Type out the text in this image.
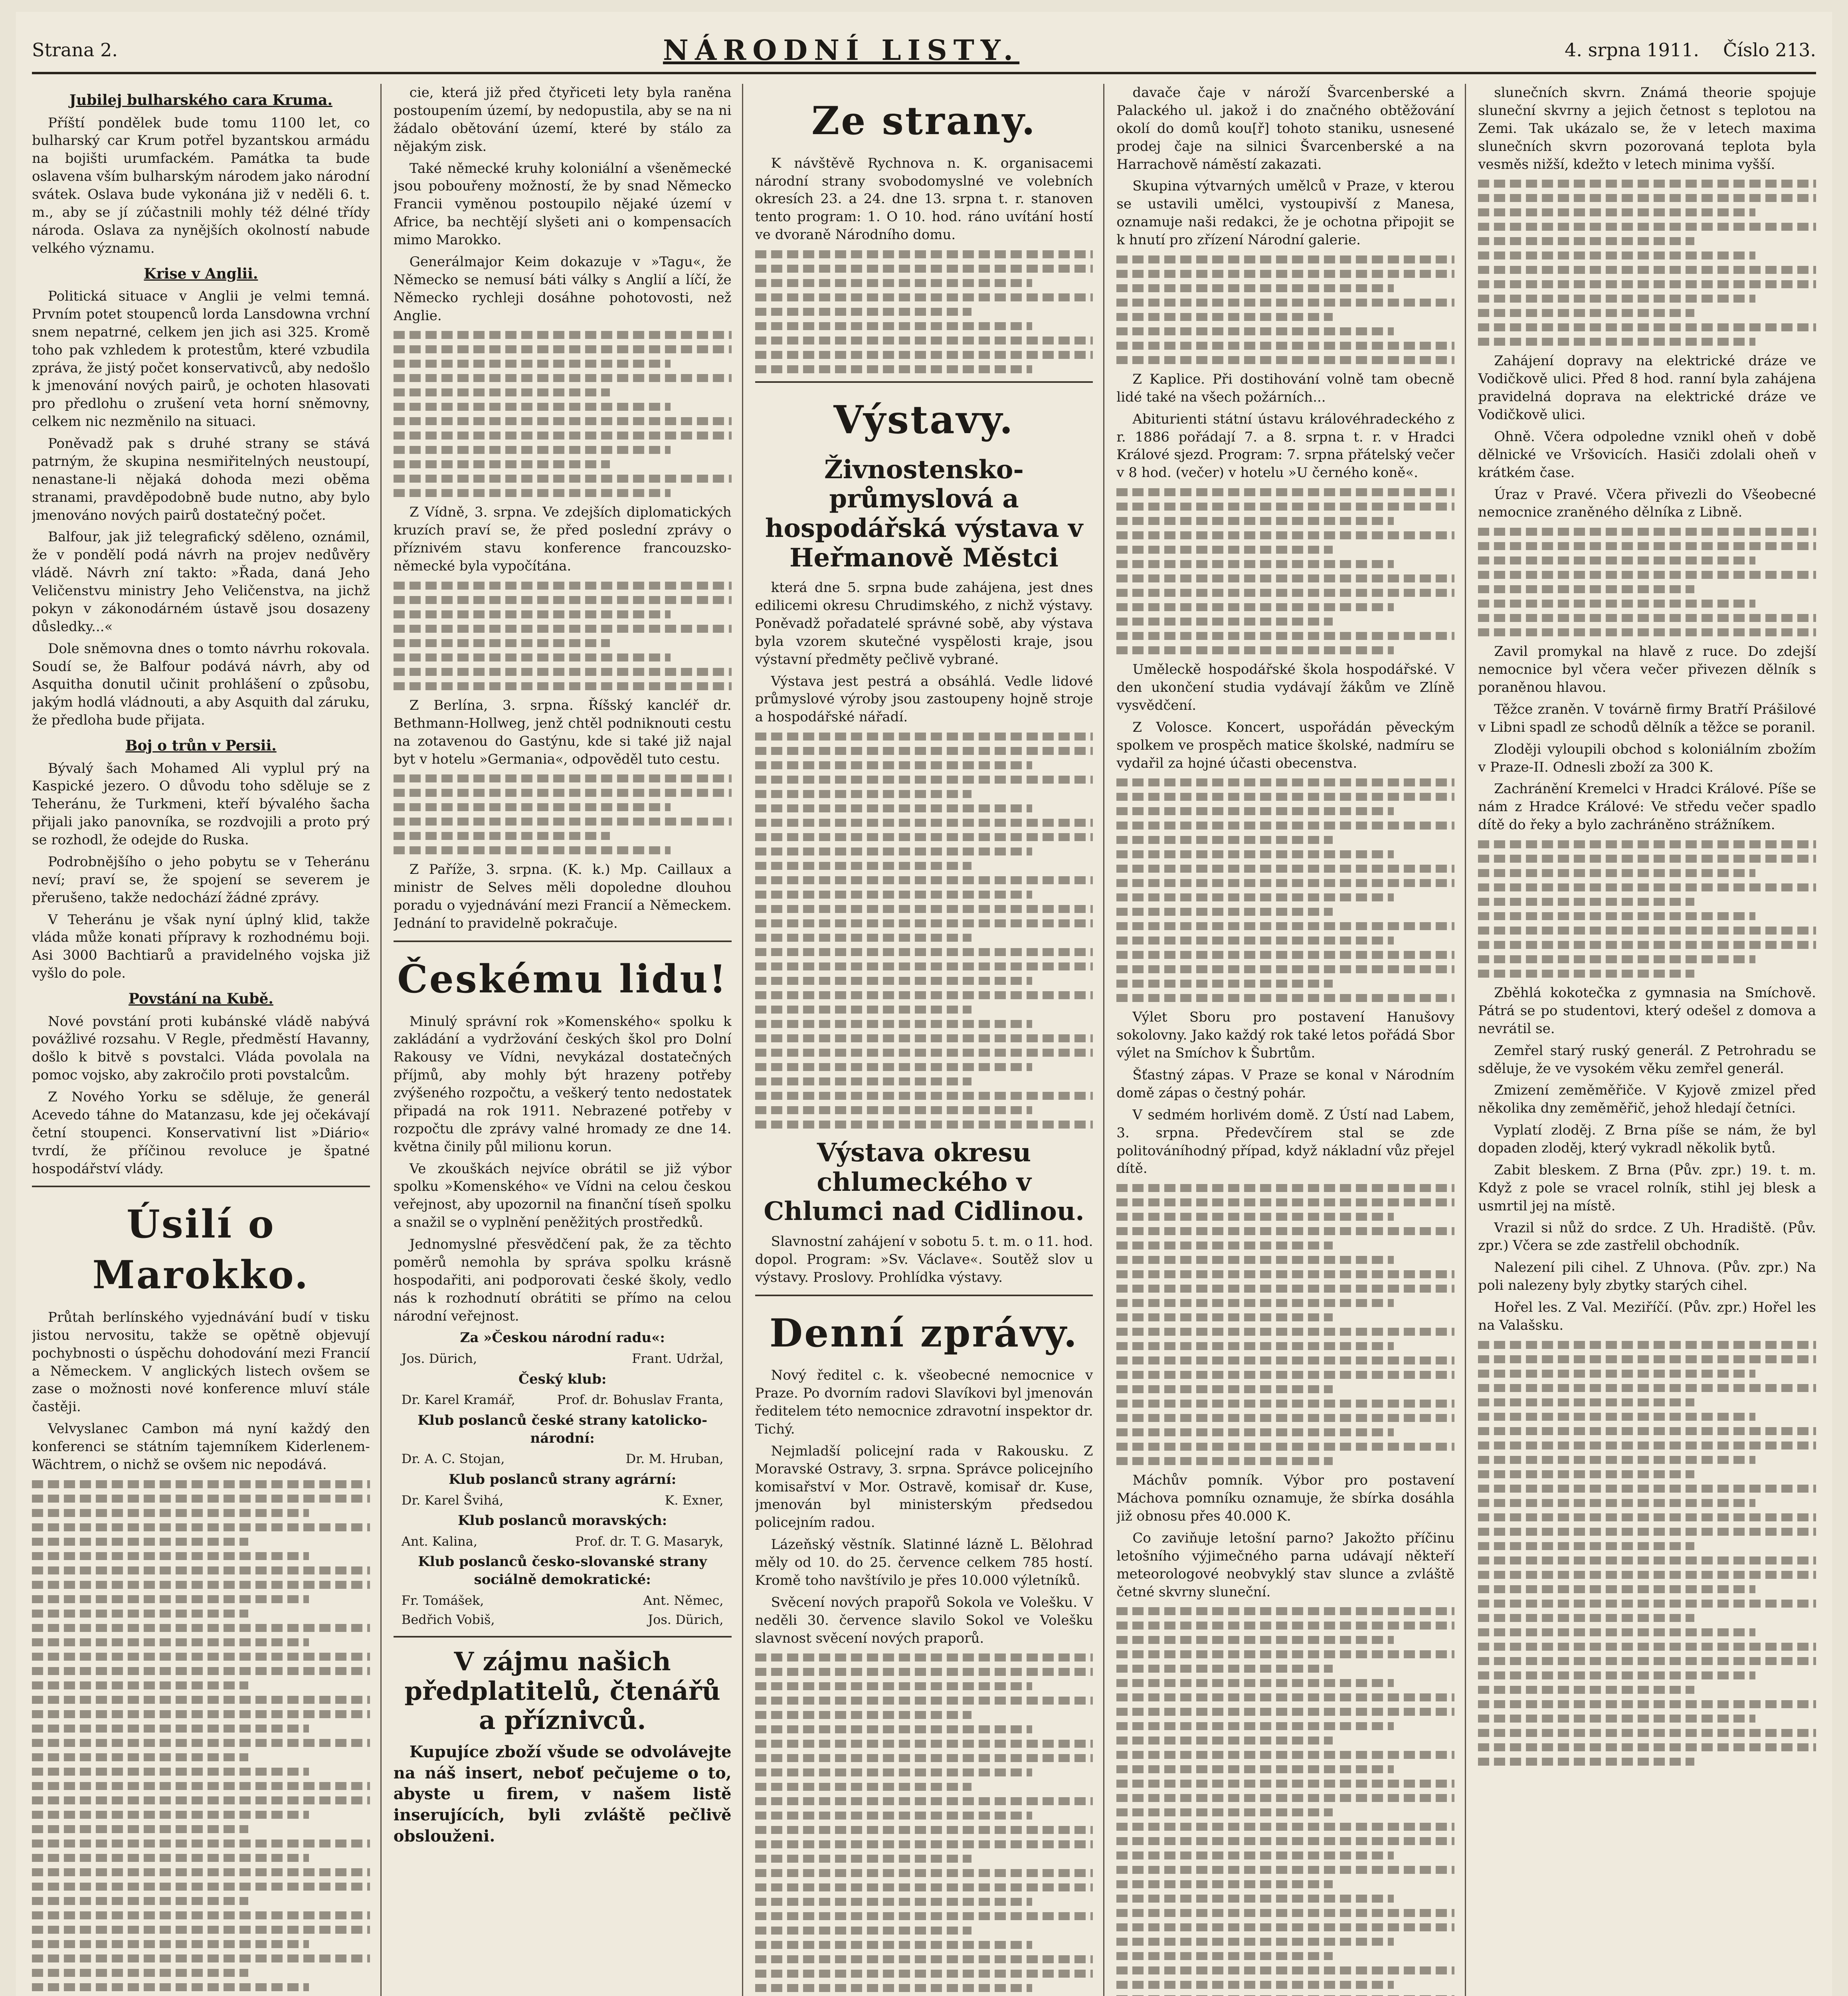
Strana 2.	NÁRODNÍ LISTY.	4. srpna 1911. Číslo 213.
Jubilej bulharského cara Kruma.

Příští pondělek bude tomu 1100 let, co bulharský car Krum potřel byzantskou armádu na bojišti urumfackém. Památka ta bude oslavena vším bulharským národem jako národní svátek. Oslava bude vykonána již v neděli 6. t. m., aby se jí zúčastnili mohly též délné třídy národa. Oslava za nynějších okolností nabude velkého významu.

Krise v Anglii.

Politická situace v Anglii je velmi temná. Prvním potet stoupenců lorda Lansdowna vrchní snem nepatrné, celkem jen jich asi 325. Kromě toho pak vzhledem k protestům, které vzbudila zpráva, že jistý počet konservativců, aby nedošlo k jmenování nových pairů, je ochoten hlasovati pro předlohu o zrušení veta horní sněmovny, celkem nic nezměnilo na situaci.

Poněvadž pak s druhé strany se stává patrným, že skupina nesmiřitelných neustoupí, nenastane-li nějaká dohoda mezi oběma stranami, pravděpodobně bude nutno, aby bylo jmenováno nových pairů dostatečný počet.

Balfour, jak již telegrafický sděleno, oznámil, že v pondělí podá návrh na projev nedůvěry vládě. Návrh zní takto: »Řada, daná Jeho Veličenstvu ministry Jeho Veličenstva, na jichž pokyn v zákonodárném ústavě jsou dosazeny důsledky...«

Dole sněmovna dnes o tomto návrhu rokovala. Soudí se, že Balfour podává návrh, aby od Asquitha donutil učinit prohlášení o způsobu, jakým hodlá vládnouti, a aby Asquith dal záruku, že předloha bude přijata.

Boj o trůn v Persii.

Bývalý šach Mohamed Ali vyplul prý na Kaspické jezero. O důvodu toho sděluje se z Teheránu, že Turkmeni, kteří bývalého šacha přijali jako panovníka, se rozdvojili a proto prý se rozhodl, že odejde do Ruska.

Podrobnějšího o jeho pobytu se v Teheránu neví; praví se, že spojení se severem je přerušeno, takže nedochází žádné zprávy.

V Teheránu je však nyní úplný klid, takže vláda může konati přípravy k rozhodnému boji. Asi 3000 Bachtiarů a pravidelného vojska již vyšlo do pole.

Povstání na Kubě.

Nové povstání proti kubánské vládě nabývá povážlivé rozsahu. V Regle, předměstí Havanny, došlo k bitvě s povstalci. Vláda povolala na pomoc vojsko, aby zakročilo proti povstalcům.

Z Nového Yorku se sděluje, že generál Acevedo táhne do Matanzasu, kde jej očekávají četní stoupenci. Konservativní list »Diário« tvrdí, že příčinou revoluce je špatné hospodářství vlády.

Úsilí o Marokko.

Průtah berlínského vyjednávání budí v tisku jistou nervositu, takže se opětně objevují pochybnosti o úspěchu dohodování mezi Francií a Německem. V anglických listech ovšem se zase o možnosti nové konference mluví stále častěji.

Velvyslanec Cambon má nyní každý den konferenci se státním tajemníkem Kiderlenem-Wächtrem, o nichž se ovšem nic nepodává.

cie, která již před čtyřiceti lety byla raněna postoupením území, by nedopustila, aby se na ni žádalo obětování území, které by stálo za nějakým zisk.

Také německé kruhy koloniální a všeněmecké jsou pobouřeny možností, že by snad Německo Francii vyměnou postoupilo nějaké území v Africe, ba nechtějí slyšeti ani o kompensacích mimo Marokko.

Generálmajor Keim dokazuje v »Tagu«, že Německo se nemusí báti války s Anglií a líčí, že Německo rychleji dosáhne pohotovosti, než Anglie.

Z Vídně, 3. srpna. Ve zdejších diplomatických kruzích praví se, že před poslední zprávy o příznivém stavu konference francouzsko-německé byla vypočítána.

Z Berlína, 3. srpna. Říšský kancléř dr. Bethmann-Hollweg, jenž chtěl podniknouti cestu na zotavenou do Gastýnu, kde si také již najal byt v hotelu »Germania«, odpověděl tuto cestu.

Z Paříže, 3. srpna. (K. k.) Mp. Caillaux a ministr de Selves měli dopoledne dlouhou poradu o vyjednávání mezi Francií a Německem. Jednání to pravidelně pokračuje.

Českému lidu!

Minulý správní rok »Komenského« spolku k zakládání a vydržování českých škol pro Dolní Rakousy ve Vídni, nevykázal dostatečných příjmů, aby mohly být hrazeny potřeby zvýšeného rozpočtu, a veškerý tento nedostatek připadá na rok 1911. Nebrazené potřeby v rozpočtu dle zprávy valné hromady ze dne 14. května činily půl milionu korun.

Ve zkouškách nejvíce obrátil se již výbor spolku »Komenského« ve Vídni na celou českou veřejnost, aby upozornil na finanční tíseň spolku a snažil se o vyplnění peněžitých prostředků.

Jednomyslné přesvědčení pak, že za těchto poměrů nemohla by správa spolku krásně hospodařiti, ani podporovati české školy, vedlo nás k rozhodnutí obrátiti se přímo na celou národní veřejnost.

Za »Českou národní radu«:
Jos. Dürich,	Frant. Udržal,
Český klub:
Dr. Karel Kramář,	Prof. dr. Bohuslav Franta,
Klub poslanců české strany katolicko-národní:
Dr. A. C. Stojan,	Dr. M. Hruban,
Klub poslanců strany agrární:
Dr. Karel Švihá,	K. Exner,
Klub poslanců moravských:
Ant. Kalina,	Prof. dr. T. G. Masaryk,
Klub poslanců česko-slovanské strany sociálně demokratické:
Fr. Tomášek,	Ant. Němec,
Bedřich Vobiš,	Jos. Dürich,
V zájmu našich předplatitelů, čtenářů a příznivců.

Kupujíce zboží všude se odvolávejte na náš insert, neboť pečujeme o to, abyste u firem, v našem listě inserujících, byli zvláště pečlivě obslouženi.

Ze strany.

K návštěvě Rychnova n. K. organisacemi národní strany svobodomyslné ve volebních okresích 23. a 24. dne 13. srpna t. r. stanoven tento program: 1. O 10. hod. ráno uvítání hostí ve dvoraně Národního domu.

Výstavy.
Živnostensko-průmyslová a hospodářská výstava v Heřmanově Městci

která dne 5. srpna bude zahájena, jest dnes edilicemi okresu Chrudimského, z nichž výstavy. Poněvadž pořadatelé správné sobě, aby výstava byla vzorem skutečné vyspělosti kraje, jsou výstavní předměty pečlivě vybrané.

Výstava jest pestrá a obsáhlá. Vedle lidové průmyslové výroby jsou zastoupeny hojně stroje a hospodářské nářadí.

Výstava okresu chlumeckého v Chlumci nad Cidlinou.

Slavnostní zahájení v sobotu 5. t. m. o 11. hod. dopol. Program: »Sv. Václave«. Soutěž slov u výstavy. Proslovy. Prohlídka výstavy.

Denní zprávy.

Nový ředitel c. k. všeobecné nemocnice v Praze. Po dvorním radovi Slavíkovi byl jmenován ředitelem této nemocnice zdravotní inspektor dr. Tichý.

Nejmladší policejní rada v Rakousku. Z Moravské Ostravy, 3. srpna. Správce policejního komisařství v Mor. Ostravě, komisař dr. Kuse, jmenován byl ministerským předsedou policejním radou.

Lázeňský věstník. Slatinné lázně L. Bělohrad měly od 10. do 25. července celkem 785 hostí. Kromě toho navštívilo je přes 10.000 výletníků.

Svěcení nových prapořů Sokola ve Volešku. V neděli 30. července slavilo Sokol ve Volešku slavnost svěcení nových praporů.

davače čaje v nároží Švarcenberské a Palackého ul. jakož i do značného obtěžování okolí do domů kou[ř] tohoto staniku, usnesené prodej čaje na silnici Švarcenberské a na Harrachově náměstí zakazati.

Skupina výtvarných umělců v Praze, v kterou se ustavili umělci, vystoupivší z Manesa, oznamuje naši redakci, že je ochotna připojit se k hnutí pro zřízení Národní galerie.

Z Kaplice. Při dostihování volně tam obecně lidé také na všech požárních...

Abiturienti státní ústavu královéhradeckého z r. 1886 pořádají 7. a 8. srpna t. r. v Hradci Králové sjezd. Program: 7. srpna přátelský večer v 8 hod. (večer) v hotelu »U černého koně«.

Uměleckě hospodářské škola hospodářské. V den ukončení studia vydávají žákům ve Zlíně vysvědčení.

Z Volosce. Koncert, uspořádán pěveckým spolkem ve prospěch matice školské, nadmíru se vydařil za hojné účasti obecenstva.

Výlet Sboru pro postavení Hanušovy sokolovny. Jako každý rok také letos pořádá Sbor výlet na Smíchov k Šubrtům.

Šťastný zápas. V Praze se konal v Národním domě zápas o čestný pohár.

V sedmém horlivém domě. Z Ústí nad Labem, 3. srpna. Předevčírem stal se zde politováníhodný případ, když nákladní vůz přejel dítě.

Máchův pomník. Výbor pro postavení Máchova pomníku oznamuje, že sbírka dosáhla již obnosu přes 40.000 K.

Co zaviňuje letošní parno? Jakožto příčinu letošního výjimečného parna udávají někteří meteorologové neobvyklý stav slunce a zvláště četné skvrny sluneční.

slunečních skvrn. Známá theorie spojuje sluneční skvrny a jejich četnost s teplotou na Zemi. Tak ukázalo se, že v letech maxima slunečních skvrn pozorovaná teplota byla vesměs nižší, kdežto v letech minima vyšší.

Zahájení dopravy na elektrické dráze ve Vodičkově ulici. Před 8 hod. ranní byla zahájena pravidelná doprava na elektrické dráze ve Vodičkově ulici.

Ohně. Včera odpoledne vznikl oheň v době dělnické ve Vršovicích. Hasiči zdolali oheň v krátkém čase.

Úraz v Pravé. Včera přivezli do Všeobecné nemocnice zraněného dělníka z Libně.

Zavil promykal na hlavě z ruce. Do zdejší nemocnice byl včera večer přivezen dělník s poraněnou hlavou.

Těžce zraněn. V továrně firmy Bratří Prášilové v Libni spadl ze schodů dělník a těžce se poranil.

Zloději vyloupili obchod s koloniálním zbožím v Praze-II. Odnesli zboží za 300 K.

Zachránění Kremelci v Hradci Králové. Píše se nám z Hradce Králové: Ve středu večer spadlo dítě do řeky a bylo zachráněno strážníkem.

Zběhlá kokotečka z gymnasia na Smíchově. Pátrá se po studentovi, který odešel z domova a nevrátil se.

Zemřel starý ruský generál. Z Petrohradu se sděluje, že ve vysokém věku zemřel generál.

Zmizení zeměměřiče. V Kyjově zmizel před několika dny zeměměřič, jehož hledají četníci.

Vyplatí zloděj. Z Brna píše se nám, že byl dopaden zloděj, který vykradl několik bytů.

Zabit bleskem. Z Brna (Pův. zpr.) 19. t. m. Když z pole se vracel rolník, stihl jej blesk a usmrtil jej na místě.

Vrazil si nůž do srdce. Z Uh. Hradiště. (Pův. zpr.) Včera se zde zastřelil obchodník.

Nalezení pili cihel. Z Uhnova. (Pův. zpr.) Na poli nalezeny byly zbytky starých cihel.

Hořel les. Z Val. Meziříčí. (Pův. zpr.) Hořel les na Valašsku.
